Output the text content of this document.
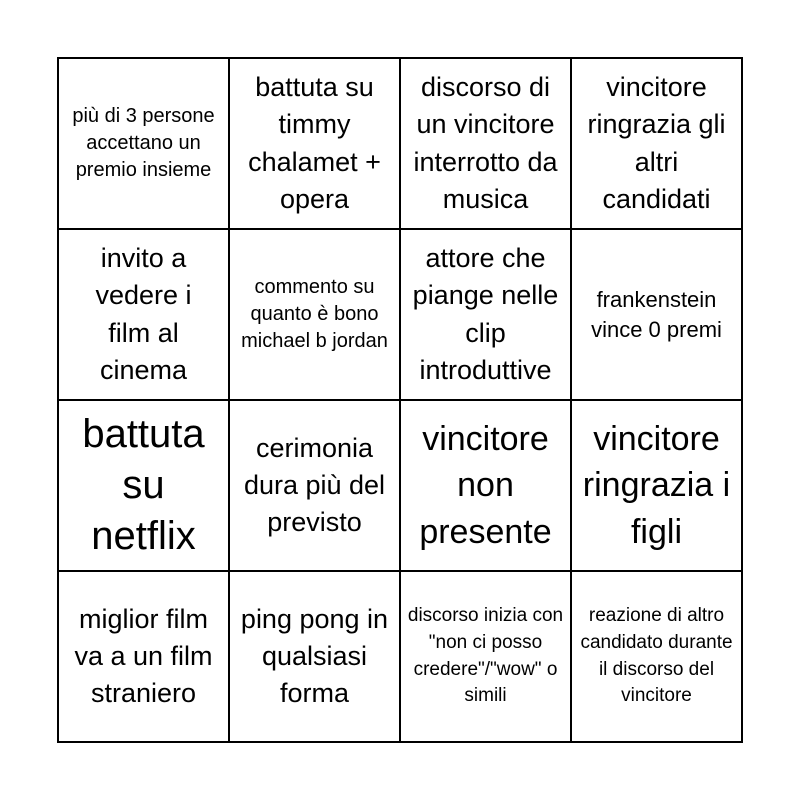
più di 3 persone accettano un premio insieme
battuta su timmy chalamet + opera
discorso di un vincitore interrotto da musica
vincitore ringrazia gli altri candidati
invito a vedere i film al cinema
commento su quanto è bono michael b jordan
attore che piange nelle clip introduttive
frankenstein vince 0 premi
battuta su netflix
cerimonia dura più del previsto
vincitore non presente
vincitore ringrazia i figli
miglior film va a un film straniero
ping pong in qualsiasi forma
discorso inizia con "non ci posso credere"/"wow" o simili
reazione di altro candidato durante il discorso del vincitore
